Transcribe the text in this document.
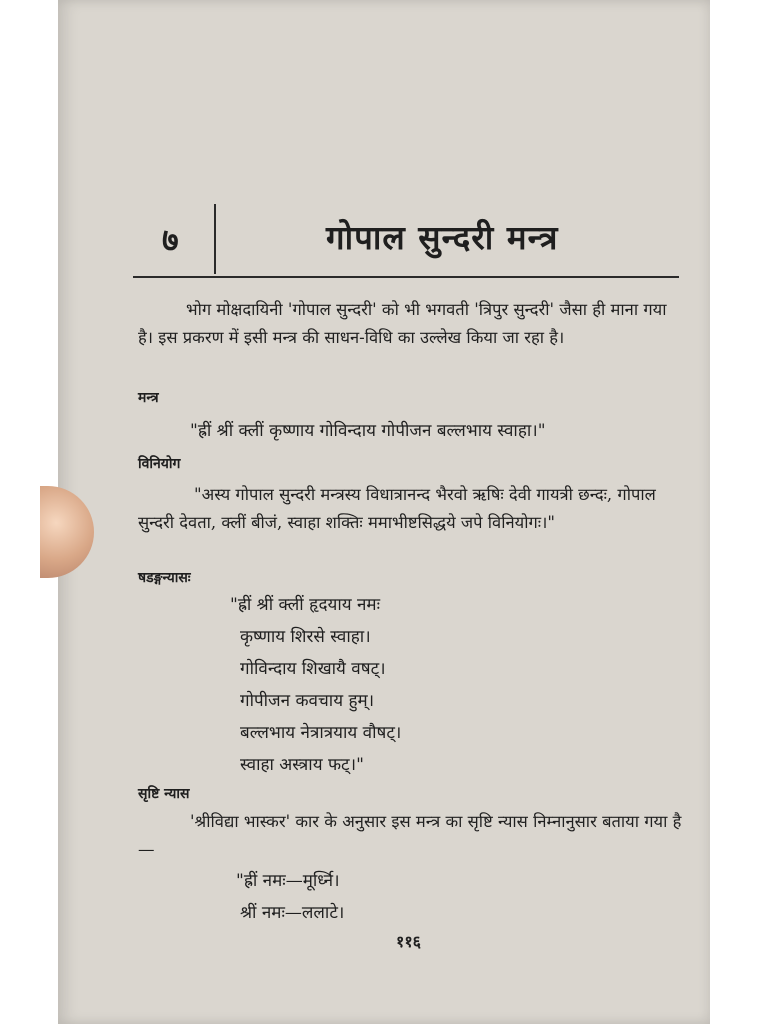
७	गोपाल सुन्दरी मन्त्र
भोग मोक्षदायिनी 'गोपाल सुन्दरी' को भी भगवती 'त्रिपुर सुन्दरी' जैसा ही माना गया है। इस प्रकरण में इसी मन्त्र की साधन-विधि का उल्लेख किया जा रहा है।
मन्त्र
"ह्रीं श्रीं क्लीं कृष्णाय गोविन्दाय गोपीजन बल्लभाय स्वाहा।"
विनियोग
"अस्य गोपाल सुन्दरी मन्त्रस्य विधात्रानन्द भैरवो ऋषिः देवी गायत्री छन्दः, गोपाल सुन्दरी देवता, क्लीं बीजं, स्वाहा शक्तिः ममाभीष्टसिद्धये जपे विनियोगः।"
षडङ्गन्यासः
"ह्रीं श्रीं क्लीं हृदयाय नमः
कृष्णाय शिरसे स्वाहा।
गोविन्दाय शिखायै वषट्।
गोपीजन कवचाय हुम्।
बल्लभाय नेत्रात्रयाय वौषट्।
स्वाहा अस्त्राय फट्।"
सृष्टि न्यास
'श्रीविद्या भास्कर' कार के अनुसार इस मन्त्र का सृष्टि न्यास निम्नानुसार बताया गया है—
"ह्रीं नमः—मूर्ध्नि।
श्रीं नमः—ललाटे।
११६
